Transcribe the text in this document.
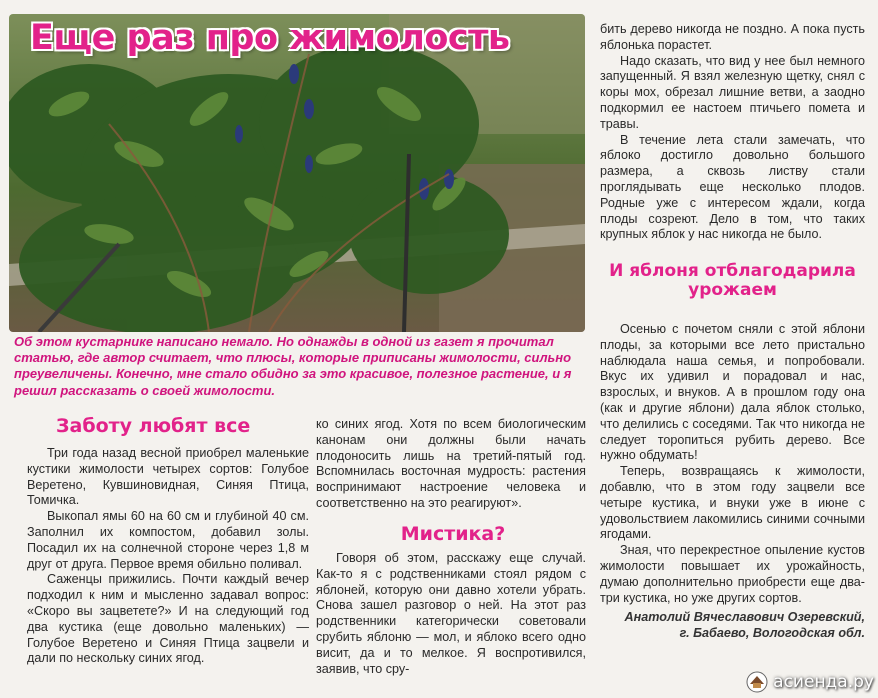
Еще раз про жимолость

Об этом кустарнике написано немало. Но однажды в одной из газет я прочитал статью, где автор считает, что плюсы, которые приписаны жимолости, сильно преувеличены. Конечно, мне стало обидно за это красивое, полезное растение, и я решил рассказать о своей жимолости.

Заботу любят все

Три года назад весной приобрел маленькие кустики жимолости четырех сортов: Голубое Веретено, Кувшиновидная, Синяя Птица, Томичка.

Выкопал ямы 60 на 60 см и глубиной 40 см. Заполнил их компостом, добавил золы. Посадил их на солнечной стороне через 1,8 м друг от друга. Первое время обильно поливал.

Саженцы прижились. Почти каждый вечер подходил к ним и мысленно задавал вопрос: «Скоро вы зацветете?» И на следующий год два кустика (еще довольно маленьких) — Голубое Веретено и Синяя Птица зацвели и дали по нескольку синих ягод.

ко синих ягод. Хотя по всем биологическим канонам они должны были начать плодоносить лишь на третий-пятый год. Вспомнилась восточная мудрость: растения воспринимают настроение человека и соответственно на это реагируют».

Мистика?

Говоря об этом, расскажу еще случай. Как-то я с родственниками стоял рядом с яблоней, которую они давно хотели убрать. Снова зашел разговор о ней. На этот раз родственники категорически советовали срубить яблоню — мол, и яблоко всего одно висит, да и то мелкое. Я воспротивился, заявив, что сру-

бить дерево никогда не поздно. А пока пусть яблонька порастет.

Надо сказать, что вид у нее был немного запущенный. Я взял железную щетку, снял с коры мох, обрезал лишние ветви, а заодно подкормил ее настоем птичьего помета и травы.

В течение лета стали замечать, что яблоко достигло довольно большого размера, а сквозь листву стали проглядывать еще несколько плодов. Родные уже с интересом ждали, когда плоды созреют. Дело в том, что таких крупных яблок у нас никогда не было.

И яблоня отблагодарила урожаем

Осенью с почетом сняли с этой яблони плоды, за которыми все лето пристально наблюдала наша семья, и попробовали. Вкус их удивил и порадовал и нас, взрослых, и внуков. А в прошлом году она (как и другие яблони) дала яблок столько, что делились с соседями. Так что никогда не следует торопиться рубить дерево. Все нужно обдумать!

Теперь, возвращаясь к жимолости, добавлю, что в этом году зацвели все четыре кустика, и внуки уже в июне с удовольствием лакомились синими сочными ягодами.

Зная, что перекрестное опыление кустов жимолости повышает их урожайность, думаю дополнительно приобрести еще два-три кустика, но уже других сортов.

Анатолий Вячеславович Озеревский,

г. Бабаево, Вологодская обл.

асиенда.ру
